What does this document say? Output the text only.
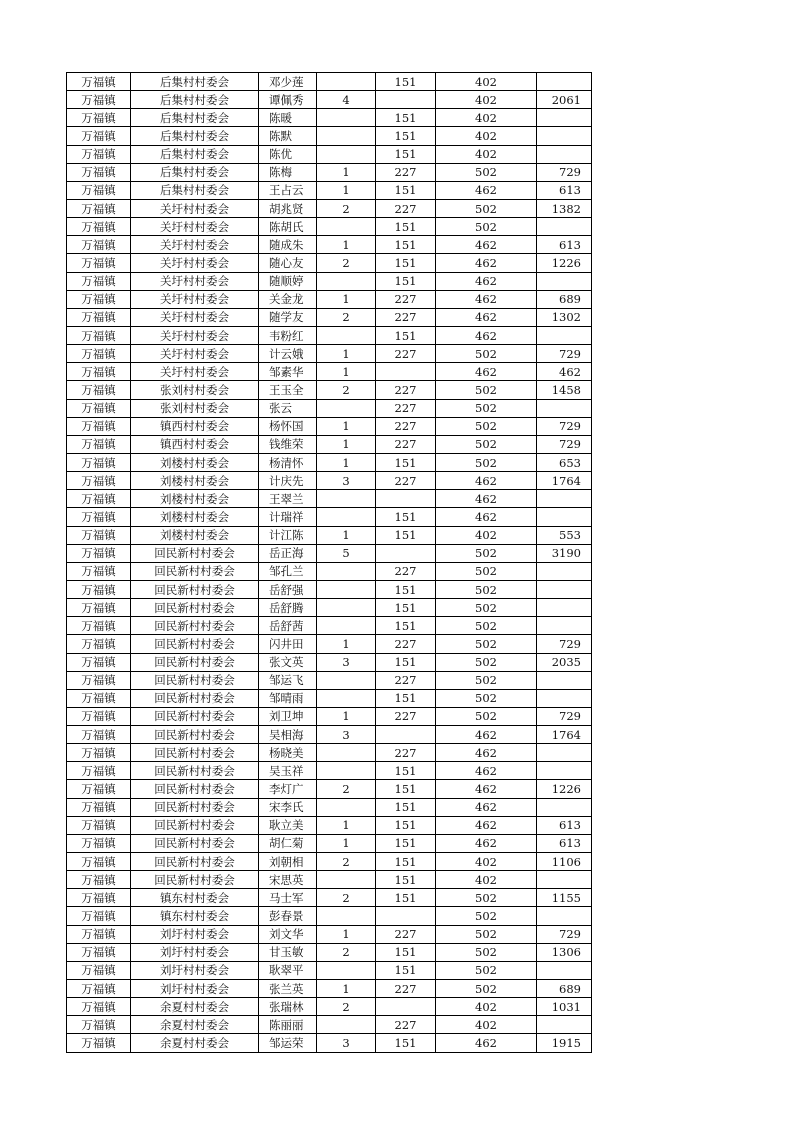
万福镇	后集村村委会	邓少莲		151	402	
万福镇	后集村村委会	谭佩秀	4		402	2061
万福镇	后集村村委会	陈暖		151	402	
万福镇	后集村村委会	陈默		151	402	
万福镇	后集村村委会	陈优		151	402	
万福镇	后集村村委会	陈梅	1	227	502	729
万福镇	后集村村委会	王占云	1	151	462	613
万福镇	关圩村村委会	胡兆贤	2	227	502	1382
万福镇	关圩村村委会	陈胡氏		151	502	
万福镇	关圩村村委会	随成朱	1	151	462	613
万福镇	关圩村村委会	随心友	2	151	462	1226
万福镇	关圩村村委会	随顺婷		151	462	
万福镇	关圩村村委会	关金龙	1	227	462	689
万福镇	关圩村村委会	随学友	2	227	462	1302
万福镇	关圩村村委会	韦粉红		151	462	
万福镇	关圩村村委会	计云娥	1	227	502	729
万福镇	关圩村村委会	邹素华	1		462	462
万福镇	张刘村村委会	王玉全	2	227	502	1458
万福镇	张刘村村委会	张云		227	502	
万福镇	镇西村村委会	杨怀国	1	227	502	729
万福镇	镇西村村委会	钱维荣	1	227	502	729
万福镇	刘楼村村委会	杨清怀	1	151	502	653
万福镇	刘楼村村委会	计庆先	3	227	462	1764
万福镇	刘楼村村委会	王翠兰			462	
万福镇	刘楼村村委会	计瑞祥		151	462	
万福镇	刘楼村村委会	计江陈	1	151	402	553
万福镇	回民新村村委会	岳正海	5		502	3190
万福镇	回民新村村委会	邹孔兰		227	502	
万福镇	回民新村村委会	岳舒强		151	502	
万福镇	回民新村村委会	岳舒腾		151	502	
万福镇	回民新村村委会	岳舒茜		151	502	
万福镇	回民新村村委会	闪井田	1	227	502	729
万福镇	回民新村村委会	张文英	3	151	502	2035
万福镇	回民新村村委会	邹运飞		227	502	
万福镇	回民新村村委会	邹晴雨		151	502	
万福镇	回民新村村委会	刘卫坤	1	227	502	729
万福镇	回民新村村委会	吴相海	3		462	1764
万福镇	回民新村村委会	杨晓美		227	462	
万福镇	回民新村村委会	吴玉祥		151	462	
万福镇	回民新村村委会	李灯广	2	151	462	1226
万福镇	回民新村村委会	宋李氏		151	462	
万福镇	回民新村村委会	耿立美	1	151	462	613
万福镇	回民新村村委会	胡仁菊	1	151	462	613
万福镇	回民新村村委会	刘朝相	2	151	402	1106
万福镇	回民新村村委会	宋思英		151	402	
万福镇	镇东村村委会	马士军	2	151	502	1155
万福镇	镇东村村委会	彭春景			502	
万福镇	刘圩村村委会	刘文华	1	227	502	729
万福镇	刘圩村村委会	甘玉敏	2	151	502	1306
万福镇	刘圩村村委会	耿翠平		151	502	
万福镇	刘圩村村委会	张兰英	1	227	502	689
万福镇	余夏村村委会	张瑞林	2		402	1031
万福镇	余夏村村委会	陈丽丽		227	402	
万福镇	余夏村村委会	邹运荣	3	151	462	1915
